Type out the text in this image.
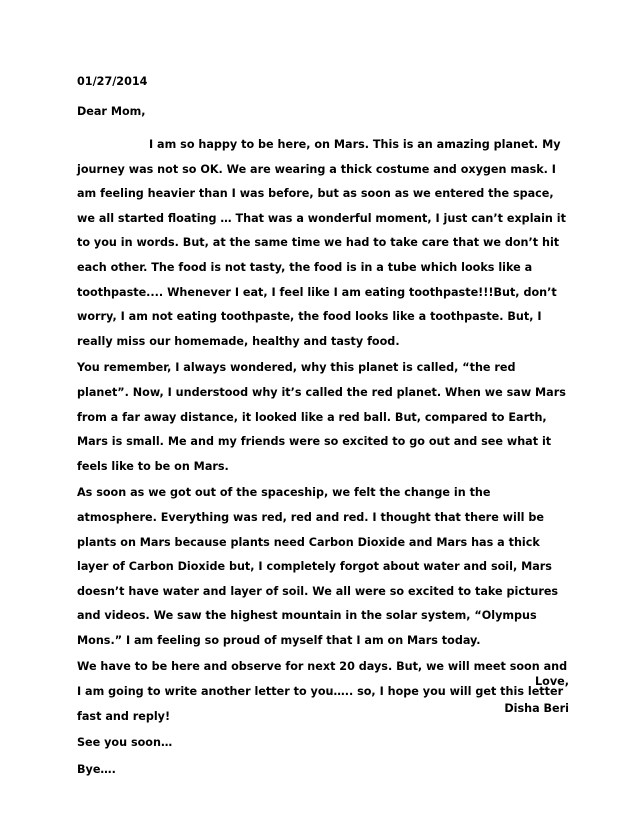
01/27/2014
Dear Mom,

I am so happy to be here, on Mars. This is an amazing planet. My journey was not so OK. We are wearing a thick costume and oxygen mask. I am feeling heavier than I was before, but as soon as we entered the space, we all started floating … That was a wonderful moment, I just can’t explain it to you in words. But, at the same time we had to take care that we don’t hit each other. The food is not tasty, the food is in a tube which looks like a toothpaste.... Whenever I eat, I feel like I am eating toothpaste!!!But, don’t worry, I am not eating toothpaste, the food looks like a toothpaste. But, I really miss our homemade, healthy and tasty food.

You remember, I always wondered, why this planet is called, “the red planet”. Now, I understood why it’s called the red planet. When we saw Mars from a far away distance, it looked like a red ball. But, compared to Earth, Mars is small. Me and my friends were so excited to go out and see what it feels like to be on Mars.

As soon as we got out of the spaceship, we felt the change in the atmosphere. Everything was red, red and red. I thought that there will be plants on Mars because plants need Carbon Dioxide and Mars has a thick layer of Carbon Dioxide but, I completely forgot about water and soil, Mars doesn’t have water and layer of soil. We all were so excited to take pictures and videos. We saw the highest mountain in the solar system, “Olympus Mons.” I am feeling so proud of myself that I am on Mars today.

We have to be here and observe for next 20 days. But, we will meet soon and I am going to write another letter to you….. so, I hope you will get this letter fast and reply!

See you soon…
Bye….
Love,
Disha Beri
